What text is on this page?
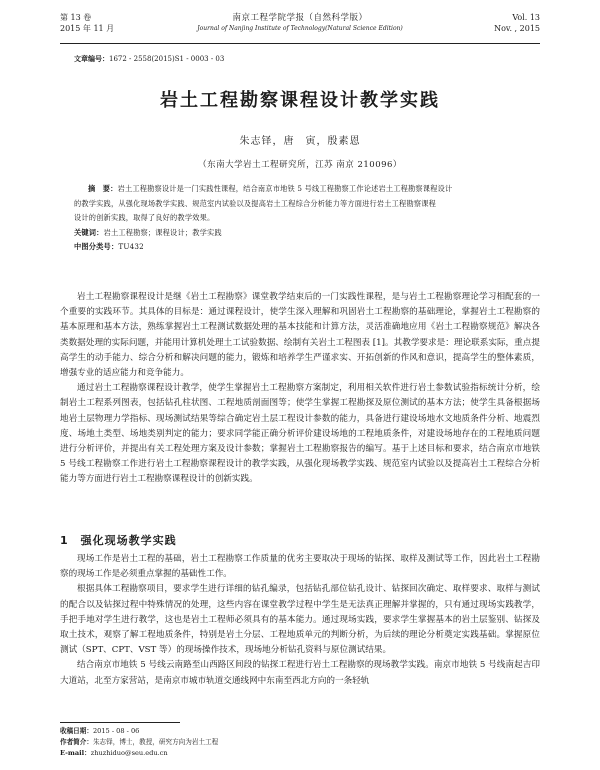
第 13 卷
2015 年 11 月
南京工程学院学报（自然科学版）
Journal of Nanjing Institute of Technology(Natural Science Edition)
Vol. 13
Nov. , 2015
文章编号：1672 - 2558(2015)S1 - 0003 - 03
岩土工程勘察课程设计教学实践
朱志铎，唐　寅，殷素恩
（东南大学岩土工程研究所，江苏 南京 210096）
摘　要：岩土工程勘察设计是一门实践性课程，结合南京市地铁 5 号线工程勘察工作论述岩土工程勘察课程设计
的教学实践，从强化现场教学实践、规范室内试验以及提高岩土工程综合分析能力等方面进行岩土工程勘察课程
设计的创新实践，取得了良好的教学效果。
关键词：岩土工程勘察；课程设计；教学实践
中图分类号：TU432

岩土工程勘察课程设计是继《岩土工程勘察》课堂教学结束后的一门实践性课程，是与岩土工程勘察理论学习相配套的一个重要的实践环节。其具体的目标是：通过课程设计，使学生深入理解和巩固岩土工程勘察的基础理论，掌握岩土工程勘察的基本原理和基本方法，熟练掌握岩土工程测试数据处理的基本技能和计算方法，灵活准确地应用《岩土工程勘察规范》解决各类数据处理的实际问题，并能用计算机处理土工试验数据、绘制有关岩土工程图表 [1]。其教学要求是：理论联系实际，重点提高学生的动手能力、综合分析和解决问题的能力，锻炼和培养学生严谨求实、开拓创新的作风和意识，提高学生的整体素质，增强专业的适应能力和竞争能力。

通过岩土工程勘察课程设计教学，使学生掌握岩土工程勘察方案制定，利用相关软件进行岩土参数试验指标统计分析，绘制岩土工程系列图表，包括钻孔柱状图、工程地质剖面图等；使学生掌握工程勘探及原位测试的基本方法；使学生具备根据场地岩土层物理力学指标、现场测试结果等综合确定岩土层工程设计参数的能力，具备进行建设场地水文地质条件分析、地震烈度、场地土类型、场地类别判定的能力；要求同学能正确分析评价建设场地的工程地质条件，对建设场地存在的工程地质问题进行分析评价，并提出有关工程处理方案及设计参数；掌握岩土工程勘察报告的编写。基于上述目标和要求，结合南京市地铁 5 号线工程勘察工作进行岩土工程勘察课程设计的教学实践，从强化现场教学实践、规范室内试验以及提高岩土工程综合分析能力等方面进行岩土工程勘察课程设计的创新实践。

1 强化现场教学实践

现场工作是岩土工程的基础，岩土工程勘察工作质量的优劣主要取决于现场的钻探、取样及测试等工作，因此岩土工程勘察的现场工作是必须重点掌握的基础性工作。

根据具体工程勘察项目，要求学生进行详细的钻孔编录，包括钻孔部位钻孔设计、钻探回次确定、取样要求、取样与测试的配合以及钻探过程中特殊情况的处理，这些内容在课堂教学过程中学生是无法真正理解并掌握的，只有通过现场实践教学，手把手地对学生进行教学，这也是岩土工程师必须具有的基本能力。通过现场实践，要求学生掌握基本的岩土层鉴别、钻探及取土技术，观察了解工程地质条件，特别是岩土分层、工程地质单元的判断分析，为后续的理论分析奠定实践基础。掌握原位测试（SPT、CPT、VST 等）的现场操作技术，现场地分析钻孔资料与原位测试结果。

结合南京市地铁 5 号线云南路至山西路区间段的钻探工程进行岩土工程勘察的现场教学实践。南京市地铁 5 号线南起吉印大道站，北至方家营站，是南京市城市轨道交通线网中东南至西北方向的一条轻轨

收稿日期：2015 - 08 - 06
作者简介：朱志铎，博士，教授，研究方向为岩土工程
E-mail：zhuzhiduo@seu.edu.cn
